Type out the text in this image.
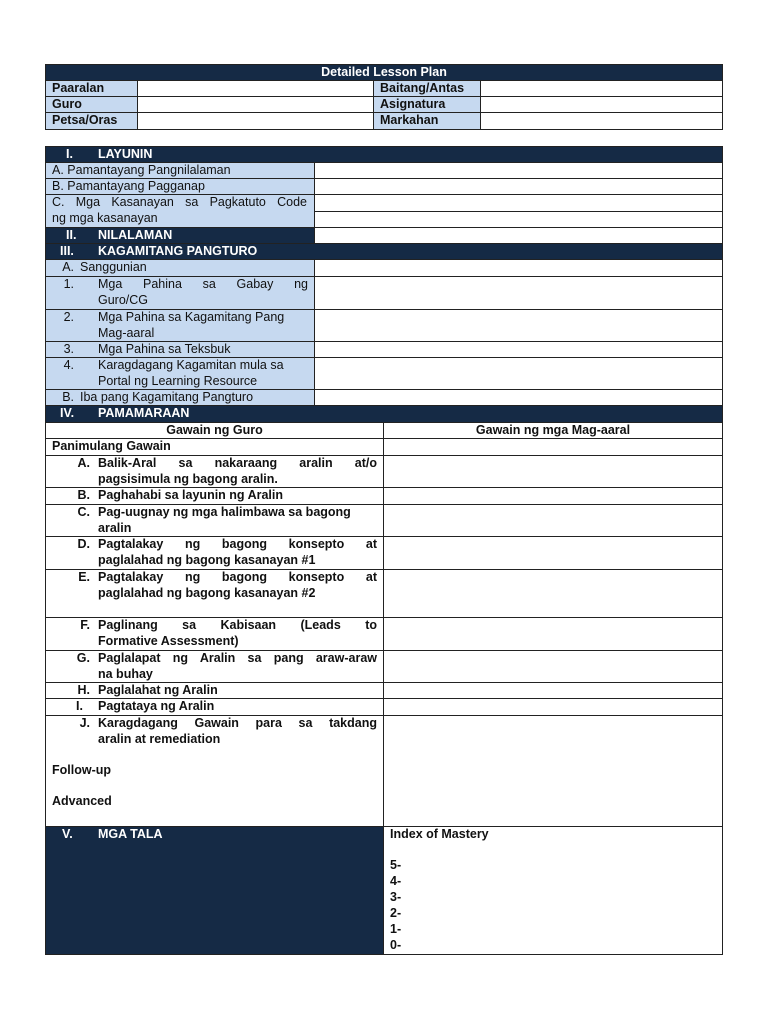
Detailed Lesson Plan
Paaralan	Baitang/Antas
Guro	Asignatura
Petsa/Oras	Markahan
I. LAYUNIN
A. Pamantayang Pangnilalaman
B. Pamantayang Pagganap
C. Mga Kasanayan sa Pagkatuto Code
ng mga kasanayan
II. NILALAMAN
III. KAGAMITANG PANGTURO
A. Sanggunian
1. Mga Pahina sa Gabay ng
Guro/CG
2. Mga Pahina sa Kagamitang Pang
Mag-aaral
3. Mga Pahina sa Teksbuk
4. Karagdagang Kagamitan mula sa
Portal ng Learning Resource
B. Iba pang Kagamitang Pangturo
IV. PAMAMARAAN
Gawain ng Guro	Gawain ng mga Mag-aaral
Panimulang Gawain
A. Balik-Aral sa nakaraang aralin at/o
pagsisimula ng bagong aralin.
B. Paghahabi sa layunin ng Aralin
C. Pag-uugnay ng mga halimbawa sa bagong
aralin
D. Pagtalakay ng bagong konsepto at
paglalahad ng bagong kasanayan #1
E. Pagtalakay ng bagong konsepto at
paglalahad ng bagong kasanayan #2
F. Paglinang sa Kabisaan (Leads to
Formative Assessment)
G. Paglalapat ng Aralin sa pang araw-araw
na buhay
H. Paglalahat ng Aralin
I.	Pagtataya ng Aralin
J. Karagdagang Gawain para sa takdang
aralin at remediation
Follow-up
Advanced
V. MGA TALA	Index of Mastery
5-
4-
3-
2-
1-
0-
